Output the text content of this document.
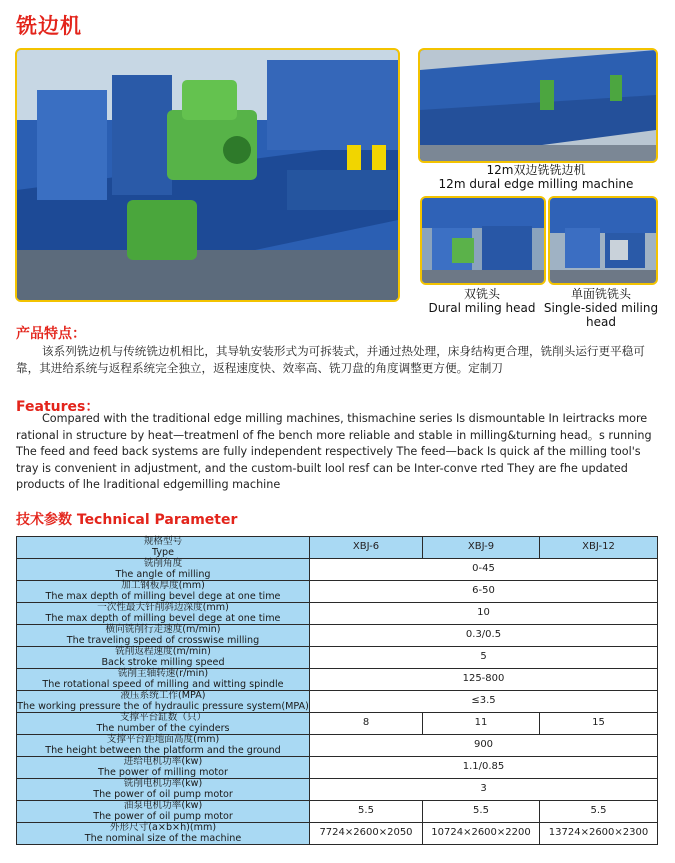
铣边机
12m双边铣铣边机
12m dural edge milling machine
双铣头
Dural miling head
单面铣铣头
Single-sided miling head
产品特点：
该系列铣边机与传统铣边机相比，其导轨安装形式为可拆装式，并通过热处理，床身结构更合理，铣削头运行更平稳可靠，其进给系统与返程系统完全独立，返程速度快、效率高、铣刀盘的角度调整更方便。定制刀
Features：
Compared with the traditional edge milling machines, thismachine series Is dismountable In Ieirtracks more rational in structure by heat—treatmenl of fhe bench more reliable and stable in milling&turning head。s running The feed and feed back systems are fully independent respectively The feed—back Is quick af the milling tool's tray is convenient in adjustment, and the custom-built lool resf can be Inter-conve rted They are fhe updated products of lhe lraditional edgemilling machine
技术参数 Technical Parameter
规格型号
Type	XBJ-6	XBJ-9	XBJ-12

铣削角度
The angle of milling	0-45		

加工钢板厚度(mm)
The max depth of milling bevel dege at one time	6-50		

一次性最大钎削斜边深度(mm)
The max depth of milling bevel dege at one time	10		

横向铣削行走速度(m/min)
The traveling speed of crosswise milling	0.3/0.5		

铣削返程速度(m/min)
Back stroke milling speed	5		

铣削主轴转速(r/min)
The rotational speed of milling and witting spindle	125-800		

液压系统工作(MPA)
The working pressure the of hydraulic pressure system(MPA)	≤3.5		

支撑平台缸数（只）
The number of the cyinders	8	11	15

支撑平台距地面高度(mm)
The height between the platform and the ground	900		

进给电机功率(kw)
The power of milling motor	1.1/0.85		

铣削电机功率(kw)
The power of oil pump motor	3		

油泵电机功率(kw)
The power of oil pump motor	5.5	5.5	5.5

外形尺寸(a×b×h)(mm)
The nominal size of the machine	7724×2600×2050	10724×2600×2200	13724×2600×2300
